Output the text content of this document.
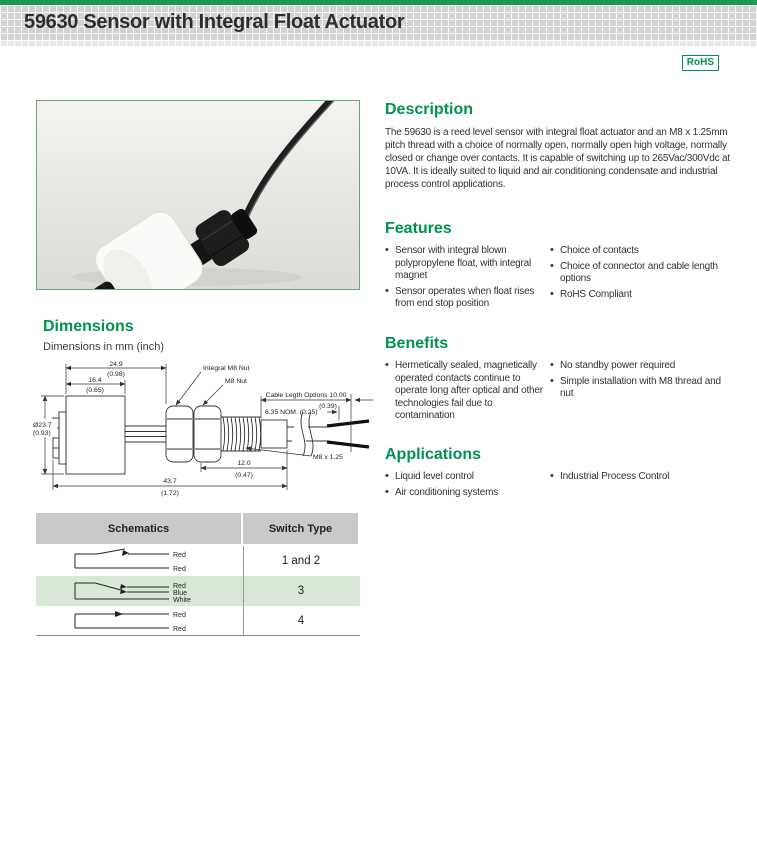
59630 Sensor with Integral Float Actuator
RoHS
Dimensions
Dimensions in mm (inch)
24.9
(0.98)
16.4
(0.65)
Ø23.7
(0.93)
Integral M8 Nut
M8 Nut
Cable Legth Options 10.00
(0.39)
6.35 NOM. (0.25)
M8 x 1.25
12.0
(0.47)
43.7
(1.72)
Schematics	Switch Type
Red
Red
1 and 2
Red
Blue
White
3
Red
Red
4
Description
The 59630 is a reed level sensor with integral float actuator and an M8 x 1.25mm pitch thread with a choice of normally open, normally open high voltage, normally closed or change over contacts. It is capable of switching up to 265Vac/300Vdc at 10VA. It is ideally suited to liquid and air conditioning condensate and industrial process control applications.
Features
• Sensor with integral blown polypropylene float, with integral magnet
• Sensor operates when float rises from end stop position
• Choice of contacts
• Choice of connector and cable length options
• RoHS Compliant
Benefits
• Hermetically sealed, magnetically operated contacts continue to operate long after optical and other technologies fail due to contamination
• No standby power required
• Simple installation with M8 thread and nut
Applications
• Liquid level control
• Air conditioning systems
• Industrial Process Control
